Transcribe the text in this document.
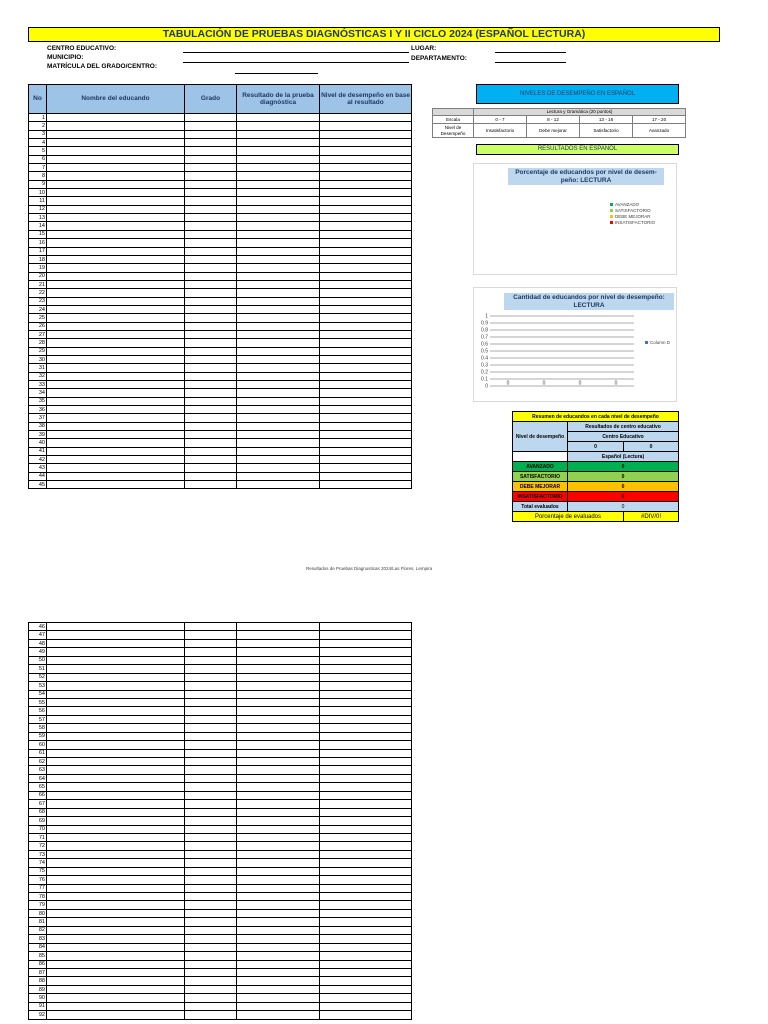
TABULACIÓN DE PRUEBAS DIAGNÓSTICAS I Y II CICLO 2024 (ESPAÑOL LECTURA)
CENTRO EDUCATIVO:
MUNICIPIO:
MATRÍCULA DEL GRADO/CENTRO:
LUGAR:
DEPARTAMENTO:
No	Nombre del educando	Grado	Resultado de la prueba diagnóstica	Nivel de desempeño en base al resultado
1				
2				
3				
4				
5				
6				
7				
8				
9				
10				
11				
12				
13				
14				
15				
16				
17				
18				
19				
20				
21				
22				
23				
24				
25				
26				
27				
28				
29				
30				
31				
32				
33				
34				
35				
36				
37				
38				
39				
40				
41				
42				
43				
44				
45				
46				
47				
48				
49				
50				
51				
52				
53				
54				
55				
56				
57				
58				
59				
60				
61				
62				
63				
64				
65				
66				
67				
68				
69				
70				
71				
72				
73				
74				
75				
76				
77				
78				
79				
80				
81				
82				
83				
84				
85				
86				
87				
88				
89				
90				
91				
92				
NIVELES DE DESEMPEÑO EN ESPAÑOL
	Lectura y Gramática (20 puntos)			
Escala	0 - 7	8 - 12	13 - 16	17 - 20
Nivel de Desempeño	Insatisfactorio	Debe mejorar	Satisfactorio	Avanzado
RESULTADOS EN ESPAÑOL
Porcentaje de educandos por nivel de desem- peño: LECTURA
AVANZADO
SATISFACTORIO
DEBE MEJORAR
INSATISFACTORIO
Cantidad de educandos por nivel de desempeño: LECTURA
1
0.9
0.8
0.7
0.6
0.5
0.4
0.3
0.2
0.1
0
0	0	0	0
Column D
Resumen de educandos en cada nivel de desempeño		
Nivel de desempeño	Resultados de centro educativo	
	Centro Educativo	
	0	0
	Español (Lectura)	
AVANZADO	0	
SATISFACTORIO	0	
DEBE MEJORAR	0	
INSATISFACTORIO	0	
Total evaluados	0	
Porcentaje de evaluados		#DIV/0!
Resultados de Pruebas Diagnosticas 2024/Las Flores, Lempira
